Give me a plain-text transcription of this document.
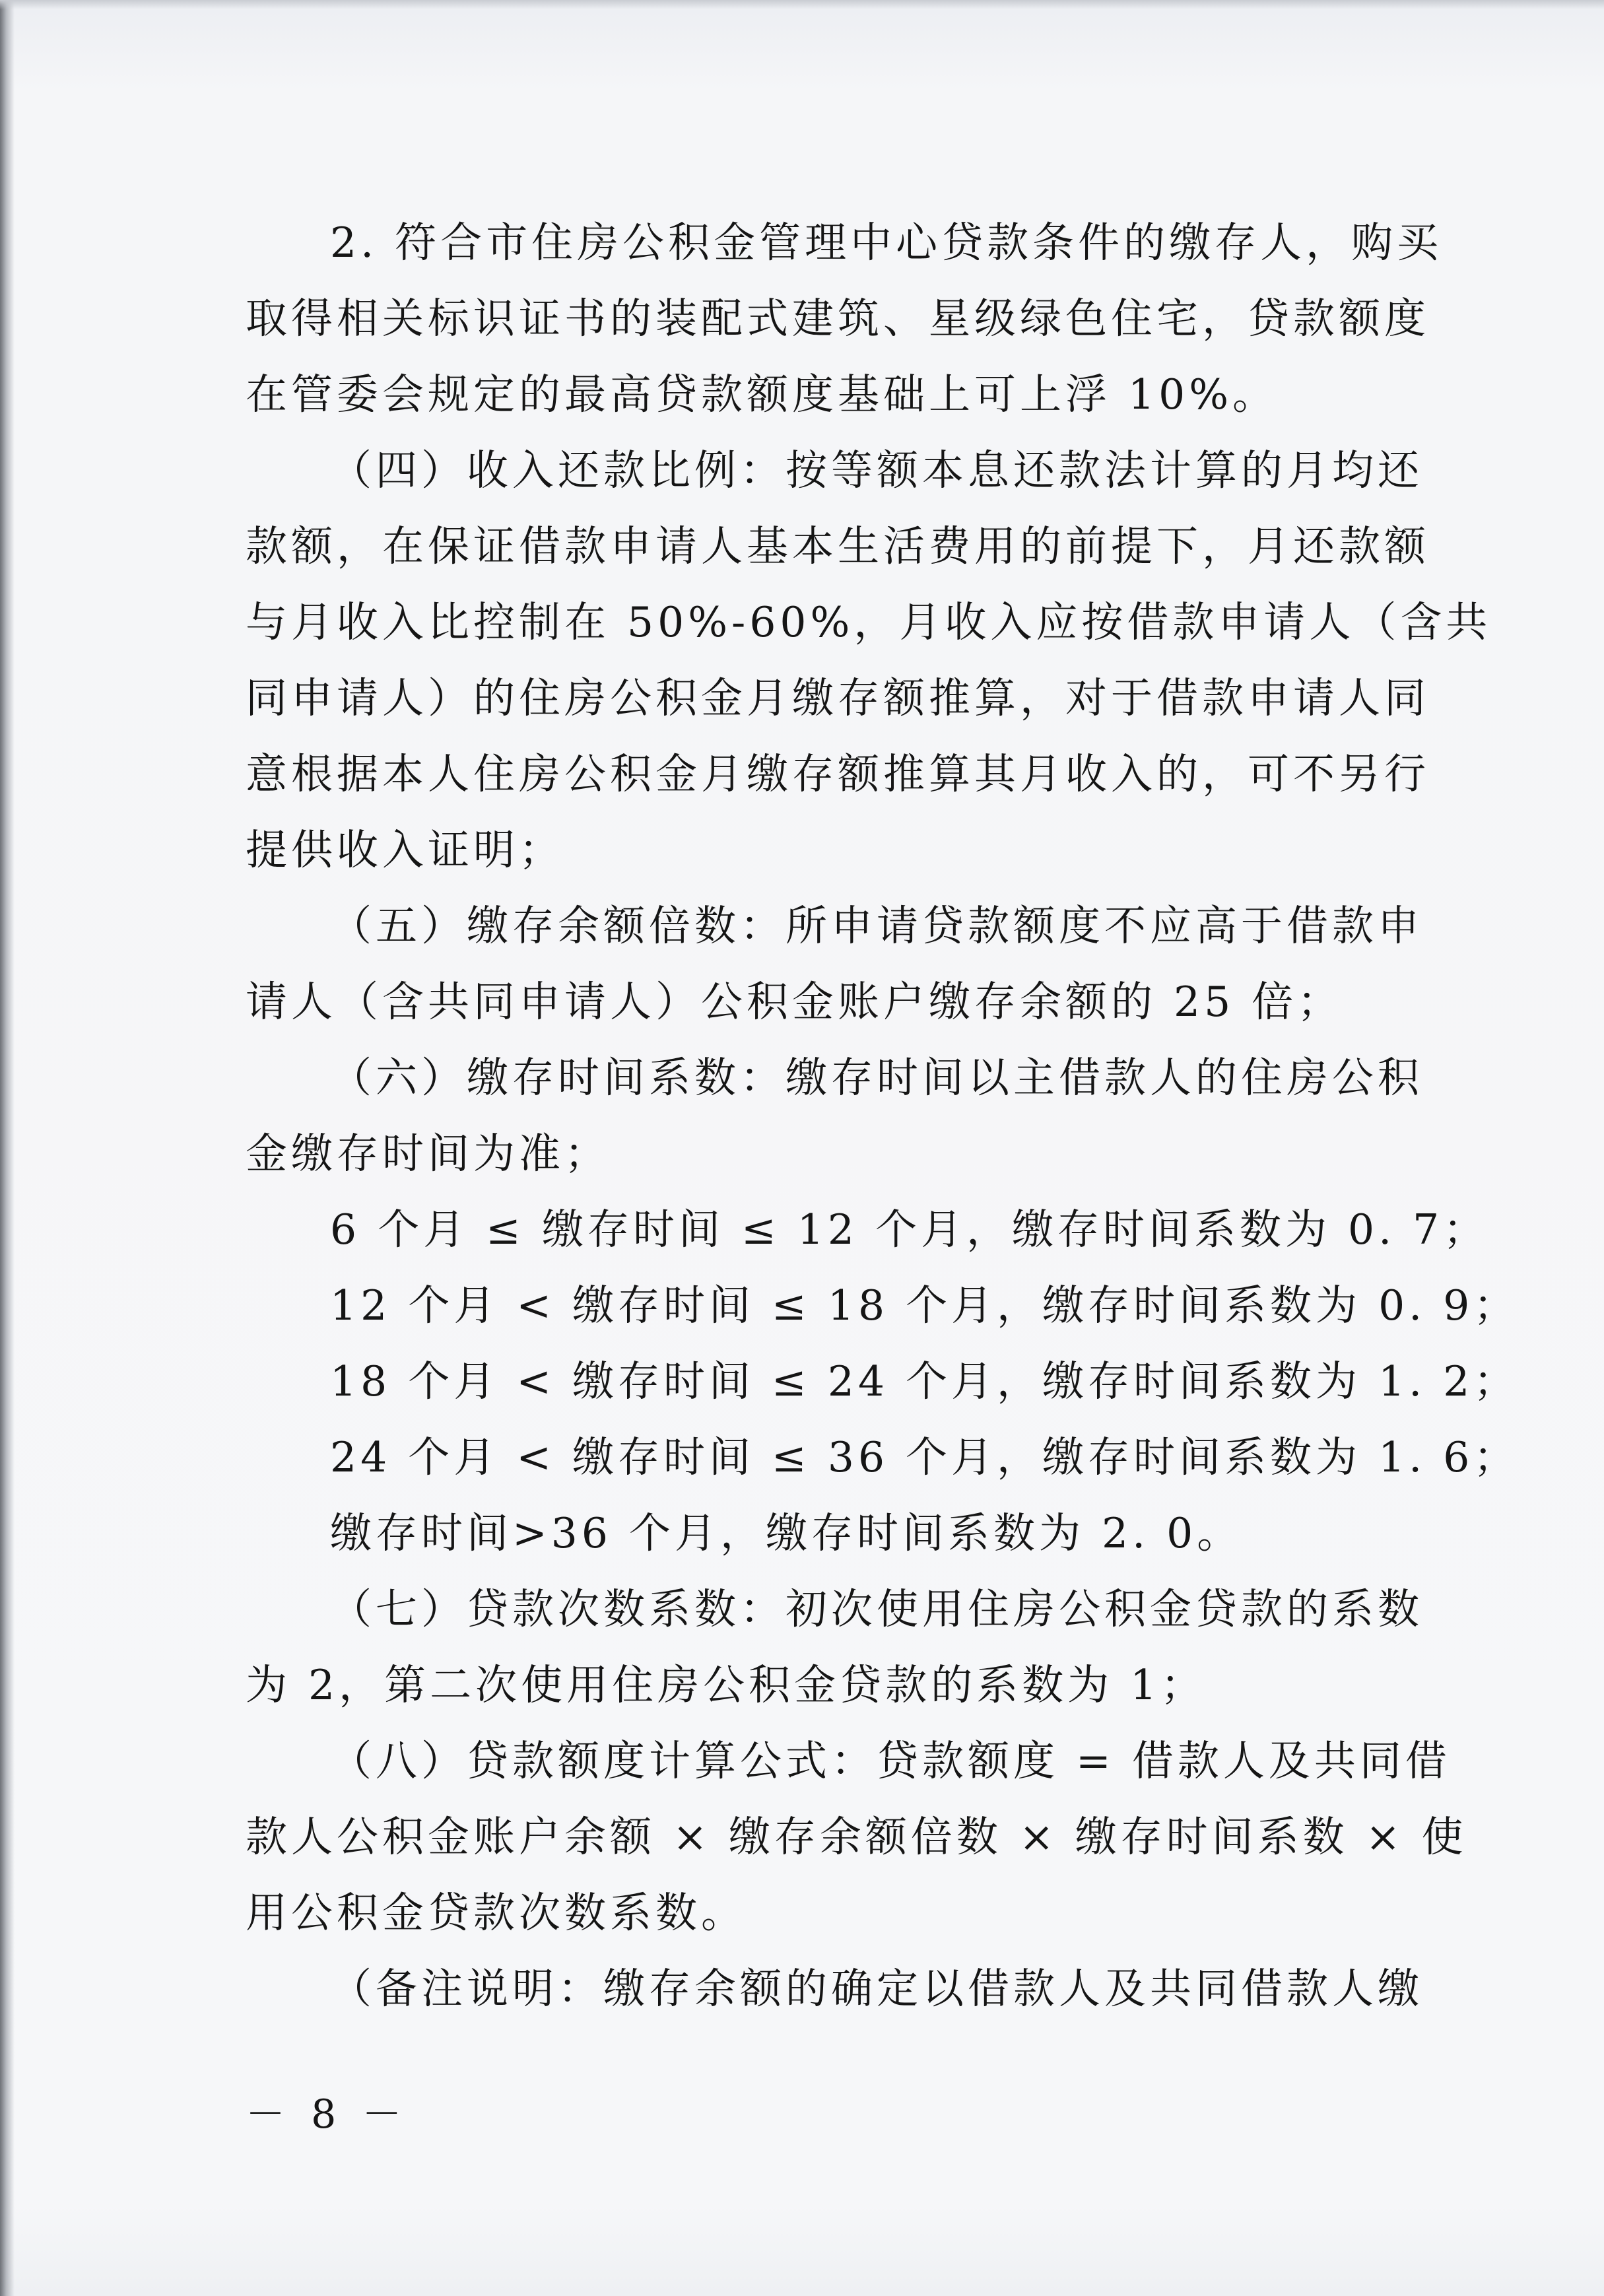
2. 符合市住房公积金管理中心贷款条件的缴存人，购买
取得相关标识证书的装配式建筑、星级绿色住宅，贷款额度
在管委会规定的最高贷款额度基础上可上浮 10%。
（四）收入还款比例：按等额本息还款法计算的月均还
款额，在保证借款申请人基本生活费用的前提下，月还款额
与月收入比控制在 50%-60%，月收入应按借款申请人（含共
同申请人）的住房公积金月缴存额推算，对于借款申请人同
意根据本人住房公积金月缴存额推算其月收入的，可不另行
提供收入证明；
（五）缴存余额倍数：所申请贷款额度不应高于借款申
请人（含共同申请人）公积金账户缴存余额的 25 倍；
（六）缴存时间系数：缴存时间以主借款人的住房公积
金缴存时间为准；
6 个月 ≤ 缴存时间 ≤ 12 个月，缴存时间系数为 0. 7；
12 个月 < 缴存时间 ≤ 18 个月，缴存时间系数为 0. 9；
18 个月 < 缴存时间 ≤ 24 个月，缴存时间系数为 1. 2；
24 个月 < 缴存时间 ≤ 36 个月，缴存时间系数为 1. 6；
缴存时间>36 个月，缴存时间系数为 2. 0。
（七）贷款次数系数：初次使用住房公积金贷款的系数
为 2，第二次使用住房公积金贷款的系数为 1；
（八）贷款额度计算公式：贷款额度 = 借款人及共同借
款人公积金账户余额 × 缴存余额倍数 × 缴存时间系数 × 使
用公积金贷款次数系数。
（备注说明：缴存余额的确定以借款人及共同借款人缴
－ 8 －
